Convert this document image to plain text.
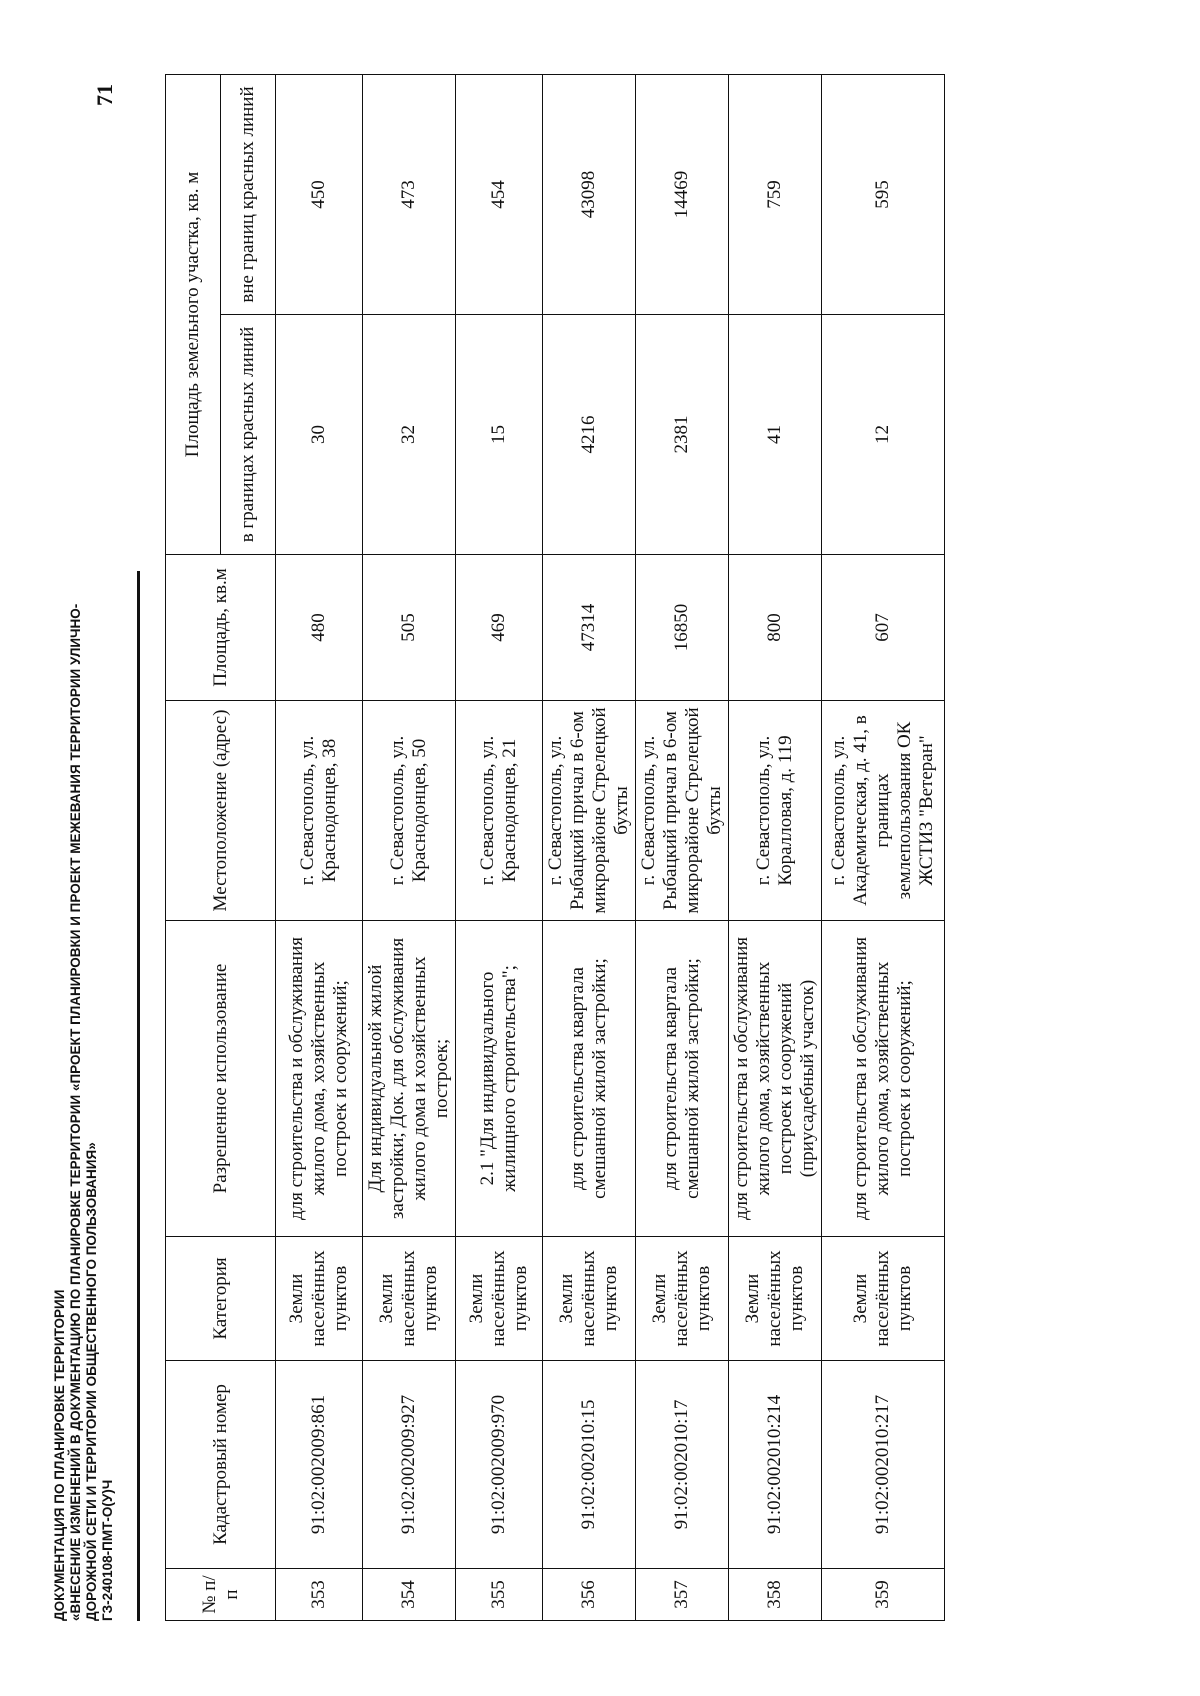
71
ДОКУМЕНТАЦИЯ ПО ПЛАНИРОВКЕ ТЕРРИТОРИИ «ВНЕСЕНИЕ ИЗМЕНЕНИЙ В ДОКУМЕНТАЦИЮ ПО ПЛАНИРОВКЕ ТЕРРИТОРИИ «ПРОЕКТ ПЛАНИРОВКИ И ПРОЕКТ МЕЖЕВАНИЯ ТЕРРИТОРИИ УЛИЧНО- ДОРОЖНОЙ СЕТИ И ТЕРРИТОРИИ ОБЩЕСТВЕННОГО ПОЛЬЗОВАНИЯ» ГЗ-240108-ПМТ-О(У)Ч	№ п/п	Кадастровый номер	Категория	Разрешенное использование	Местоположение (адрес)	Площадь, кв.м	Площадь земельного участка, кв. м	
						в границах красных линий	вне границ красных линий
353	91:02:002009:861	Земли населённых пунктов	для строительства и обслуживания жилого дома, хозяйственных построек и сооружений;	г. Севастополь, ул. Краснодонцев, 38	480	30	450
354	91:02:002009:927	Земли населённых пунктов	Для индивидуальной жилой застройки; Док. для обслуживания жилого дома и хозяйственных построек;	г. Севастополь, ул. Краснодонцев, 50	505	32	473
355	91:02:002009:970	Земли населённых пунктов	2.1 "Для индивидуального жилищного строительства";	г. Севастополь, ул. Краснодонцев, 21	469	15	454
356	91:02:002010:15	Земли населённых пунктов	для строительства квартала смешанной жилой застройки;	г. Севастополь, ул. Рыбацкий причал в 6-ом микрорайоне Стрелецкой бухты	47314	4216	43098
357	91:02:002010:17	Земли населённых пунктов	для строительства квартала смешанной жилой застройки;	г. Севастополь, ул. Рыбацкий причал в 6-ом микрорайоне Стрелецкой бухты	16850	2381	14469
358	91:02:002010:214	Земли населённых пунктов	для строительства и обслуживания жилого дома, хозяйственных построек и сооружений (приусадебный участок)	г. Севастополь, ул. Коралловая, д. 119	800	41	759
359	91:02:002010:217	Земли населённых пунктов	для строительства и обслуживания жилого дома, хозяйственных построек и сооружений;	г. Севастополь, ул. Академическая, д. 41, в границах землепользования ОК ЖСТИЗ "Ветеран"	607	12	595
